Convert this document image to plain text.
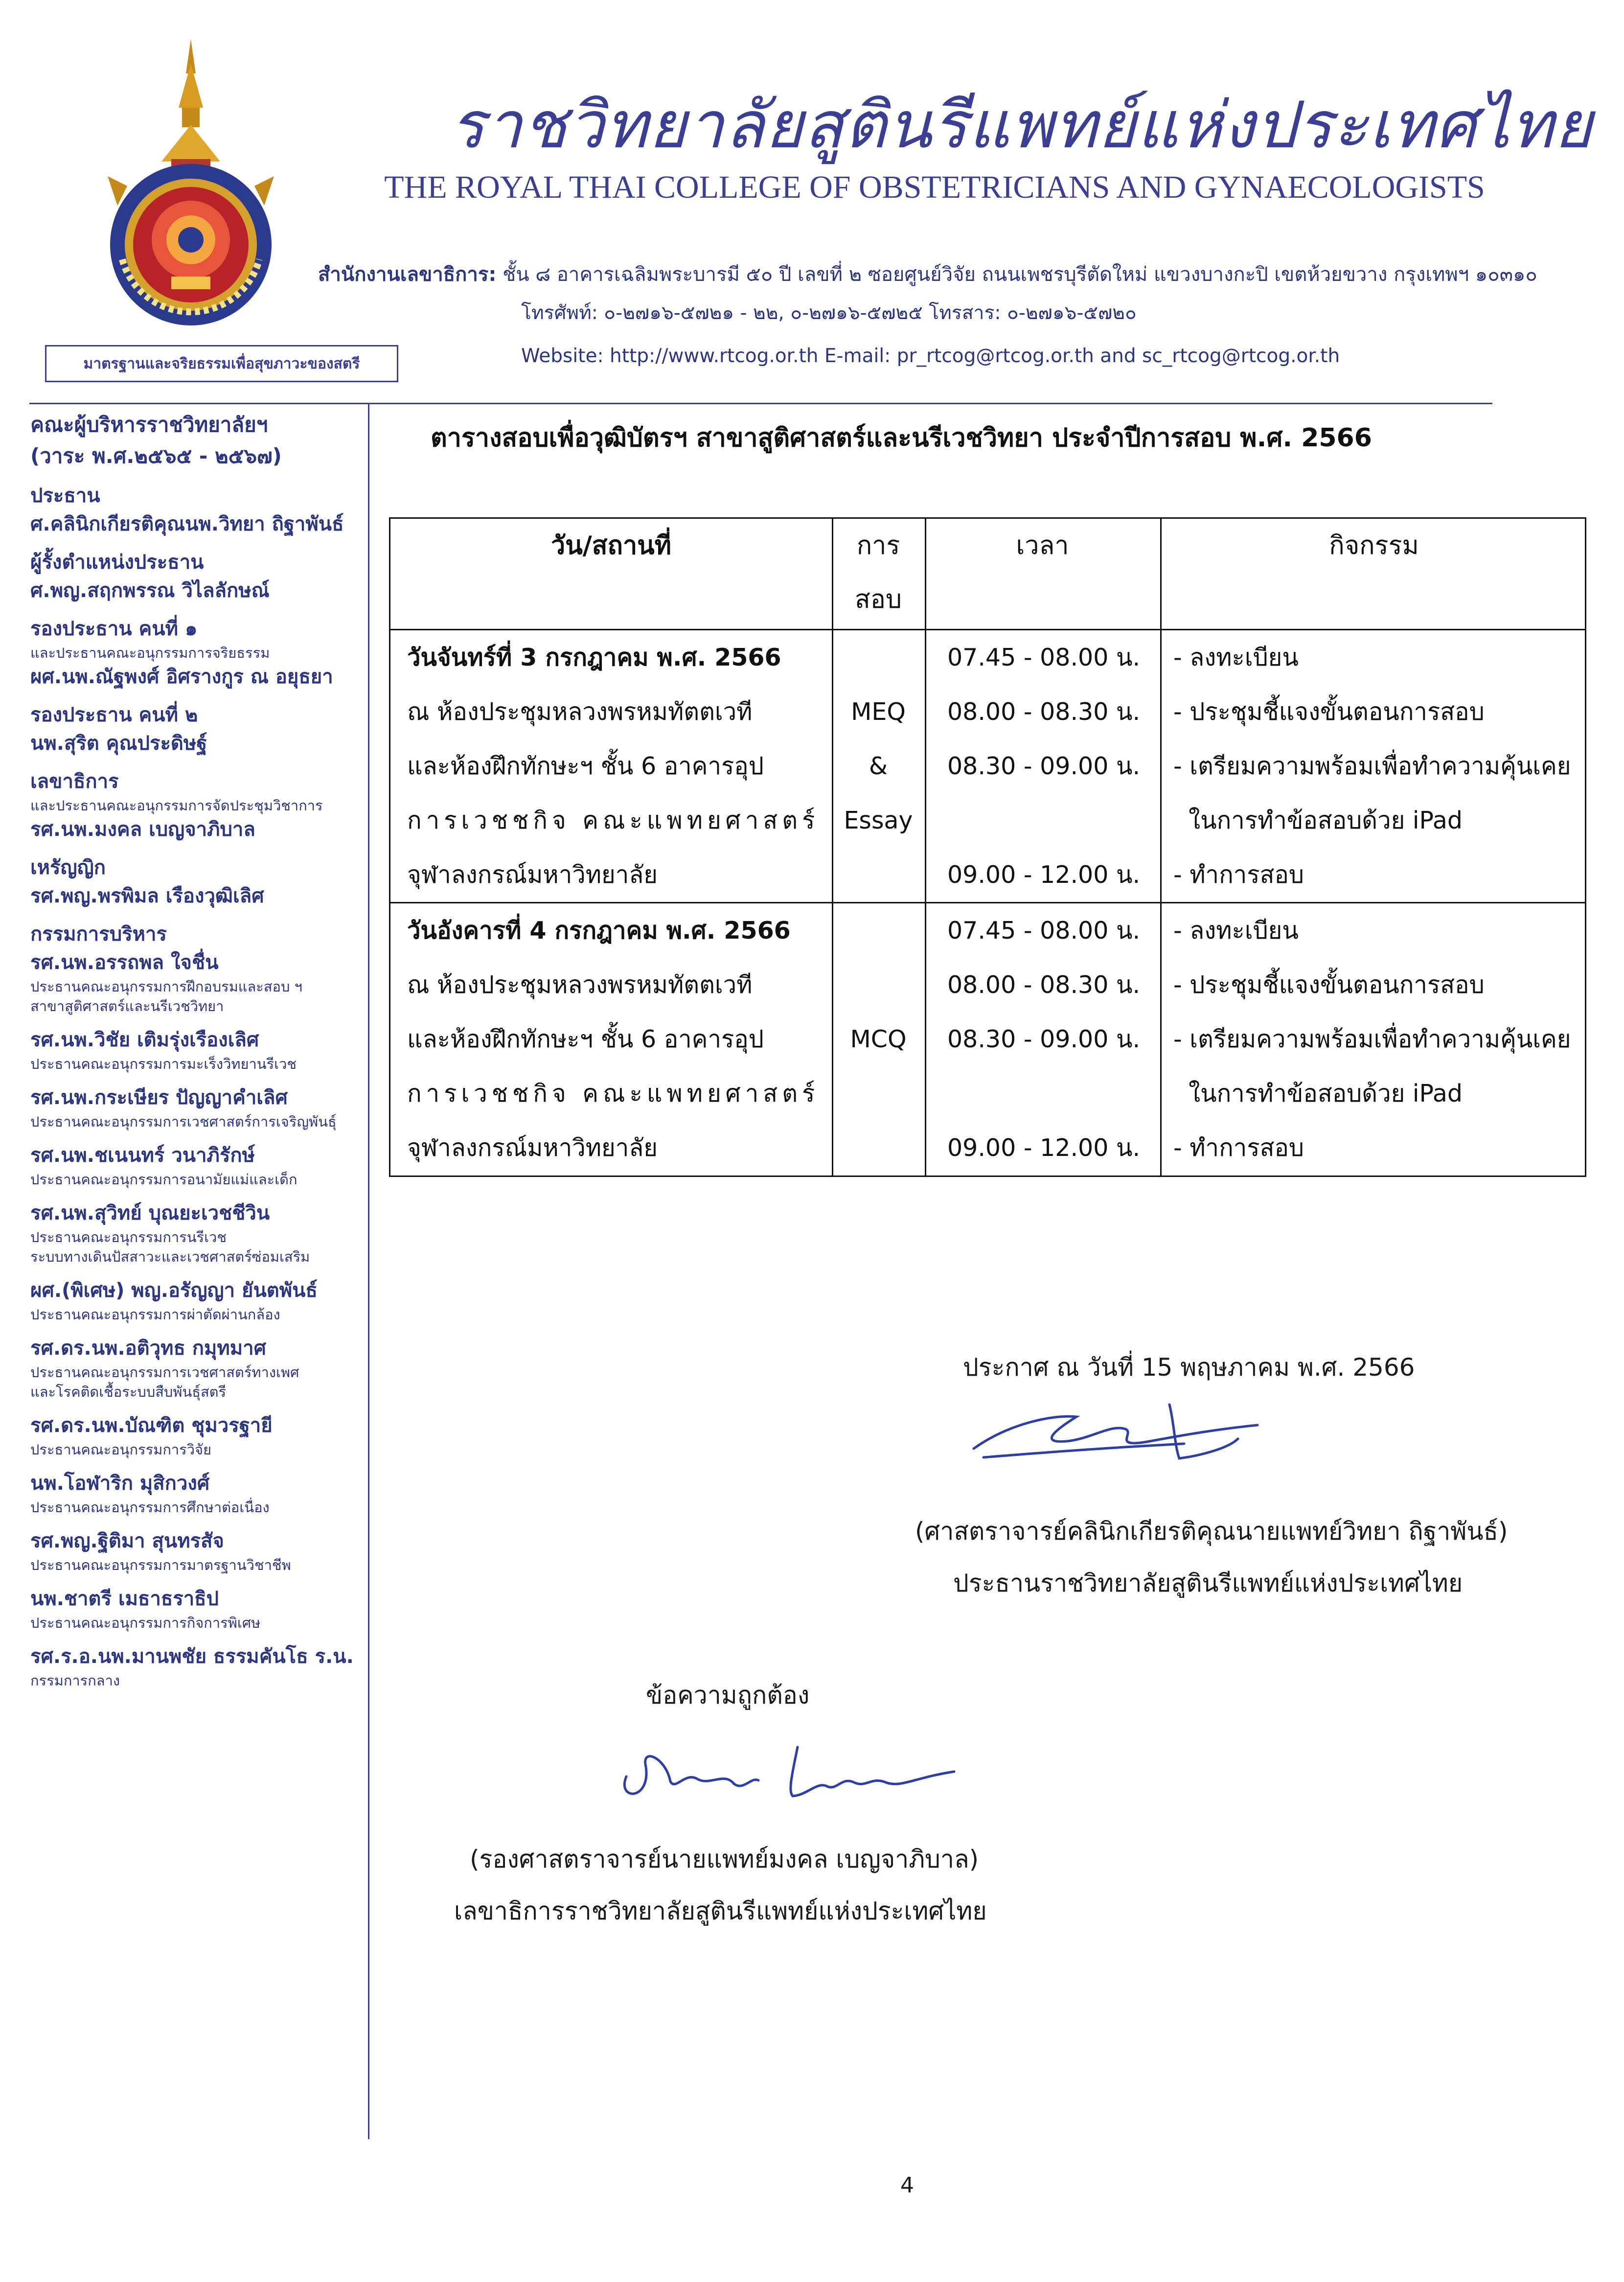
ราชวิทยาลัยสูตินรีแพทย์แห่งประเทศไทย
THE ROYAL THAI COLLEGE OF OBSTETRICIANS AND GYNAECOLOGISTS
สำนักงานเลขาธิการ: ชั้น ๘ อาคารเฉลิมพระบารมี ๕๐ ปี เลขที่ ๒ ซอยศูนย์วิจัย ถนนเพชรบุรีตัดใหม่ แขวงบางกะปิ เขตห้วยขวาง กรุงเทพฯ ๑๐๓๑๐
โทรศัพท์: ๐-๒๗๑๖-๕๗๒๑ - ๒๒, ๐-๒๗๑๖-๕๗๒๕ โทรสาร: ๐-๒๗๑๖-๕๗๒๐
Website: http://www.rtcog.or.th E-mail: pr_rtcog@rtcog.or.th and sc_rtcog@rtcog.or.th
มาตรฐานและจริยธรรมเพื่อสุขภาวะของสตรี
คณะผู้บริหารราชวิทยาลัยฯ
(วาระ พ.ศ.๒๕๖๕ - ๒๕๖๗)
ประธาน
ศ.คลินิกเกียรติคุณนพ.วิทยา ถิฐาพันธ์
ผู้รั้งตำแหน่งประธาน
ศ.พญ.สฤกพรรณ วิไลลักษณ์
รองประธาน คนที่ ๑
และประธานคณะอนุกรรมการจริยธรรม
ผศ.นพ.ณัฐพงศ์ อิศรางกูร ณ อยุธยา
รองประธาน คนที่ ๒
นพ.สุริต คุณประดิษฐ์
เลขาธิการ
และประธานคณะอนุกรรมการจัดประชุมวิชาการ
รศ.นพ.มงคล เบญจาภิบาล
เหรัญญิก
รศ.พญ.พรพิมล เรืองวุฒิเลิศ
กรรมการบริหาร
รศ.นพ.อรรถพล ใจชื่น
ประธานคณะอนุกรรมการฝึกอบรมและสอบ ฯ
สาขาสูติศาสตร์และนรีเวชวิทยา
รศ.นพ.วิชัย เติมรุ่งเรืองเลิศ
ประธานคณะอนุกรรมการมะเร็งวิทยานรีเวช
รศ.นพ.กระเษียร ปัญญาคำเลิศ
ประธานคณะอนุกรรมการเวชศาสตร์การเจริญพันธุ์
รศ.นพ.ชเนนทร์ วนาภิรักษ์
ประธานคณะอนุกรรมการอนามัยแม่และเด็ก
รศ.นพ.สุวิทย์ บุณยะเวชชีวิน
ประธานคณะอนุกรรมการนรีเวช
ระบบทางเดินปัสสาวะและเวชศาสตร์ซ่อมเสริม
ผศ.(พิเศษ) พญ.อรัญญา ยันตพันธ์
ประธานคณะอนุกรรมการผ่าตัดผ่านกล้อง
รศ.ดร.นพ.อติวุทธ กมุทมาศ
ประธานคณะอนุกรรมการเวชศาสตร์ทางเพศ
และโรคติดเชื้อระบบสืบพันธุ์สตรี
รศ.ดร.นพ.บัณฑิต ชุมวรฐายี
ประธานคณะอนุกรรมการวิจัย
นพ.โอฬาริก มุสิกวงศ์
ประธานคณะอนุกรรมการศึกษาต่อเนื่อง
รศ.พญ.ฐิติมา สุนทรสัจ
ประธานคณะอนุกรรมการมาตรฐานวิชาชีพ
นพ.ชาตรี เมธาธราธิป
ประธานคณะอนุกรรมการกิจการพิเศษ
รศ.ร.อ.นพ.มานพชัย ธรรมคันโธ ร.น.
กรรมการกลาง
ตารางสอบเพื่อวุฒิบัตรฯ สาขาสูติศาสตร์และนรีเวชวิทยา ประจำปีการสอบ พ.ศ. 2566
วัน/สถานที่	การ
สอบ
เวลา	กิจกรรม
วันจันทร์ที่ 3 กรกฎาคม พ.ศ. 2566
ณ ห้องประชุมหลวงพรหมทัตตเวที
และห้องฝึกทักษะฯ ชั้น 6 อาคารอุป
การเวชชกิจ คณะแพทยศาสตร์
จุฬาลงกรณ์มหาวิทยาลัย
MEQ
&
Essay
07.45 - 08.00 น.
08.00 - 08.30 น.
08.30 - 09.00 น.
09.00 - 12.00 น.
- ลงทะเบียน
- ประชุมชี้แจงขั้นตอนการสอบ
- เตรียมความพร้อมเพื่อทำความคุ้นเคย
ในการทำข้อสอบด้วย iPad
- ทำการสอบ
วันอังคารที่ 4 กรกฎาคม พ.ศ. 2566
ณ ห้องประชุมหลวงพรหมทัตตเวที
และห้องฝึกทักษะฯ ชั้น 6 อาคารอุป
การเวชชกิจ คณะแพทยศาสตร์
จุฬาลงกรณ์มหาวิทยาลัย
MCQ
07.45 - 08.00 น.
08.00 - 08.30 น.
08.30 - 09.00 น.
09.00 - 12.00 น.
- ลงทะเบียน
- ประชุมชี้แจงขั้นตอนการสอบ
- เตรียมความพร้อมเพื่อทำความคุ้นเคย
ในการทำข้อสอบด้วย iPad
- ทำการสอบ
ประกาศ ณ วันที่ 15 พฤษภาคม พ.ศ. 2566
(ศาสตราจารย์คลินิกเกียรติคุณนายแพทย์วิทยา ถิฐาพันธ์)
ประธานราชวิทยาลัยสูตินรีแพทย์แห่งประเทศไทย
ข้อความถูกต้อง
(รองศาสตราจารย์นายแพทย์มงคล เบญจาภิบาล)
เลขาธิการราชวิทยาลัยสูตินรีแพทย์แห่งประเทศไทย
4
